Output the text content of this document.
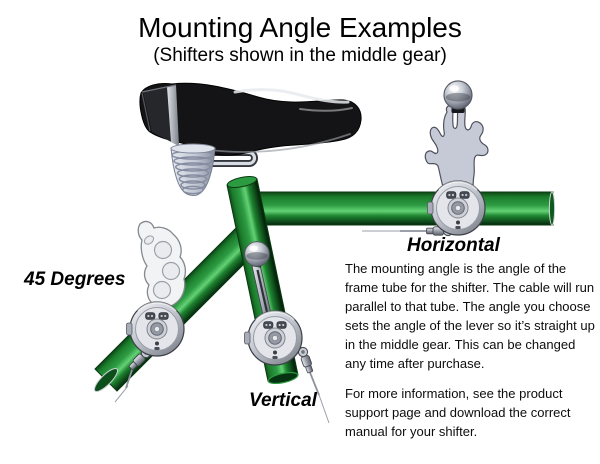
Mounting Angle Examples
(Shifters shown in the middle gear)
45 Degrees
Horizontal
Vertical

The mounting angle is the angle of the frame tube for the shifter. The cable will run parallel to that tube. The angle you choose sets the angle of the lever so it’s straight up in the middle gear. This can be changed any time after purchase.

For more information, see the product support page and download the correct manual for your shifter.
